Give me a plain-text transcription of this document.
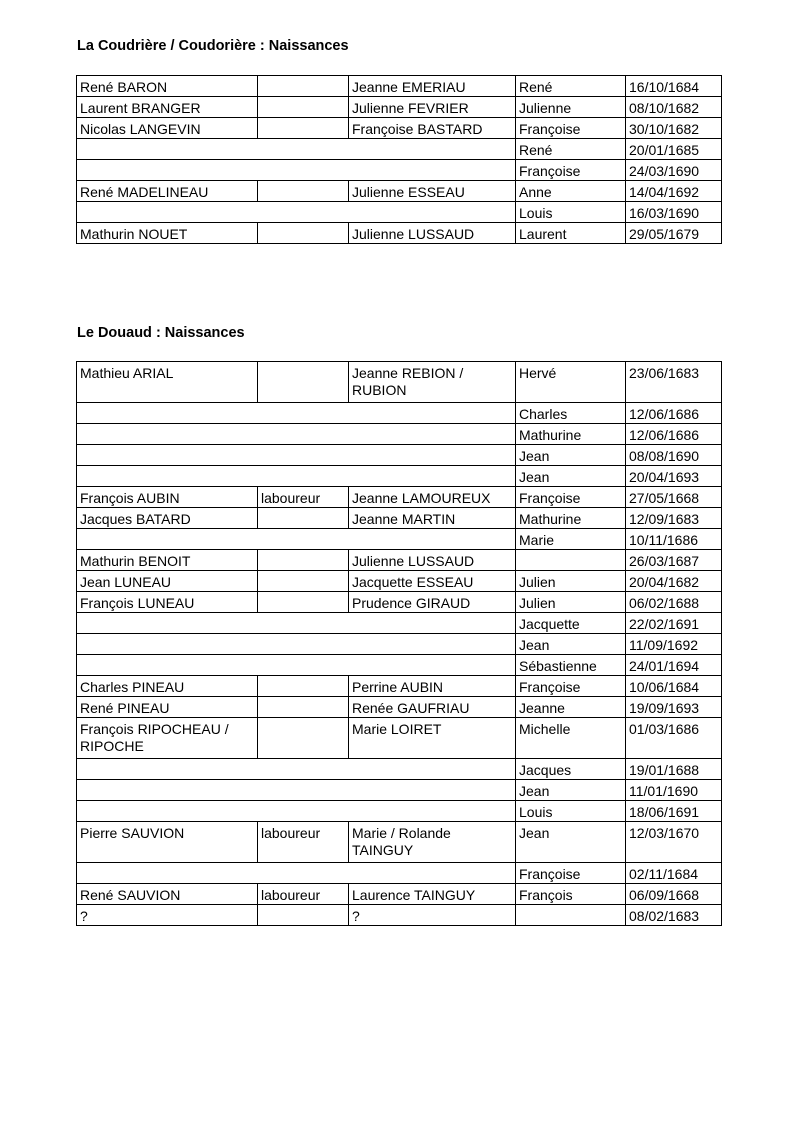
La Coudrière / Coudorière : Naissances
René BARON		Jeanne EMERIAU	René	16/10/1684
Laurent BRANGER		Julienne FEVRIER	Julienne	08/10/1682
Nicolas LANGEVIN		Françoise BASTARD	Françoise	30/10/1682
			René	20/01/1685
			Françoise	24/03/1690
René MADELINEAU		Julienne ESSEAU	Anne	14/04/1692
			Louis	16/03/1690
Mathurin NOUET		Julienne LUSSAUD	Laurent	29/05/1679
Le Douaud : Naissances
Mathieu ARIAL		Jeanne REBION / RUBION	Hervé	23/06/1683
			Charles	12/06/1686
			Mathurine	12/06/1686
			Jean	08/08/1690
			Jean	20/04/1693
François AUBIN	laboureur	Jeanne LAMOUREUX	Françoise	27/05/1668
Jacques BATARD		Jeanne MARTIN	Mathurine	12/09/1683
			Marie	10/11/1686
Mathurin BENOIT		Julienne LUSSAUD		26/03/1687
Jean LUNEAU		Jacquette ESSEAU	Julien	20/04/1682
François LUNEAU		Prudence GIRAUD	Julien	06/02/1688
			Jacquette	22/02/1691
			Jean	11/09/1692
			Sébastienne	24/01/1694
Charles PINEAU		Perrine AUBIN	Françoise	10/06/1684
René PINEAU		Renée GAUFRIAU	Jeanne	19/09/1693
François RIPOCHEAU / RIPOCHE		Marie LOIRET	Michelle	01/03/1686
			Jacques	19/01/1688
			Jean	11/01/1690
			Louis	18/06/1691
Pierre SAUVION	laboureur	Marie / Rolande TAINGUY	Jean	12/03/1670
			Françoise	02/11/1684
René SAUVION	laboureur	Laurence TAINGUY	François	06/09/1668
?		?		08/02/1683
